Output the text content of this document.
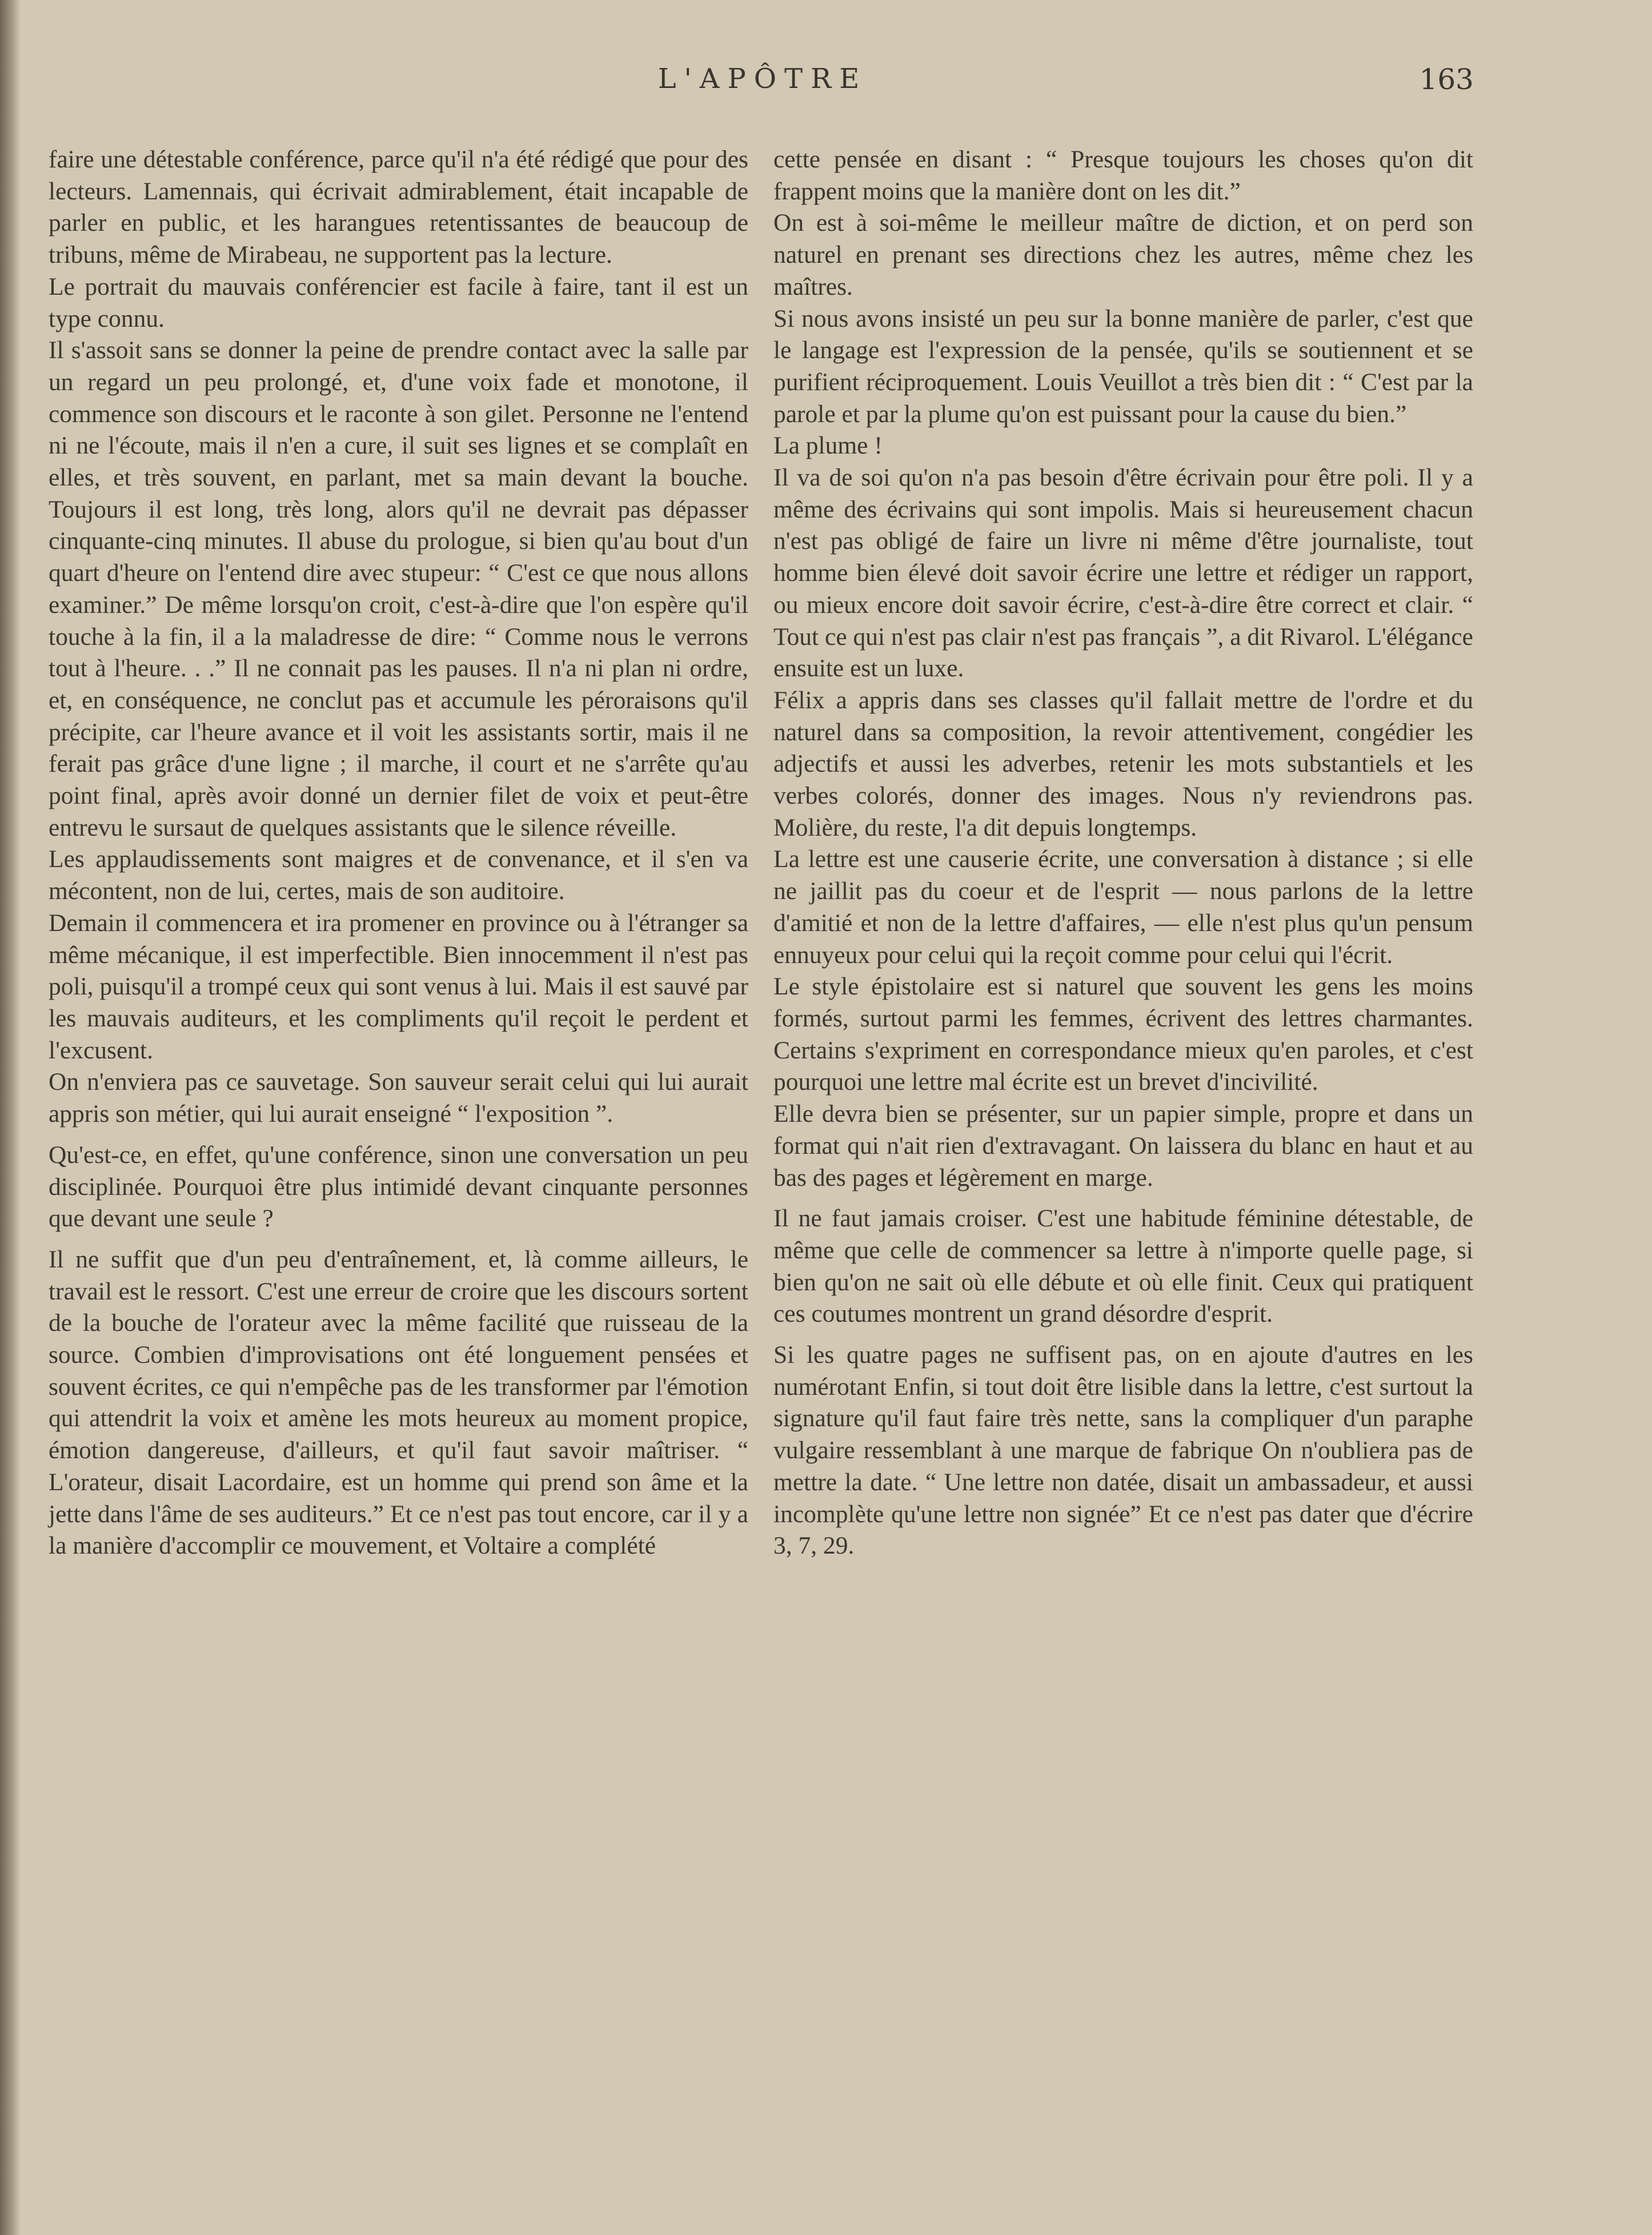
L'APÔTRE	163

faire une détestable conférence, parce qu'il n'a été rédigé que pour des lecteurs. Lamennais, qui écrivait admirablement, était incapable de parler en public, et les harangues retentissantes de beaucoup de tribuns, même de Mirabeau, ne supportent pas la lecture.

Le portrait du mauvais conférencier est facile à faire, tant il est un type connu.

Il s'assoit sans se donner la peine de prendre contact avec la salle par un regard un peu prolongé, et, d'une voix fade et monotone, il commence son discours et le raconte à son gilet. Personne ne l'entend ni ne l'écoute, mais il n'en a cure, il suit ses lignes et se complaît en elles, et très souvent, en parlant, met sa main devant la bouche. Toujours il est long, très long, alors qu'il ne devrait pas dépasser cinquante-cinq minutes. Il abuse du prologue, si bien qu'au bout d'un quart d'heure on l'entend dire avec stupeur: “ C'est ce que nous allons examiner.” De même lorsqu'on croit, c'est-à-dire que l'on espère qu'il touche à la fin, il a la maladresse de dire: “ Comme nous le verrons tout à l'heure. . .” Il ne connait pas les pauses. Il n'a ni plan ni ordre, et, en conséquence, ne conclut pas et accumule les péroraisons qu'il précipite, car l'heure avance et il voit les assistants sortir, mais il ne ferait pas grâce d'une ligne ; il marche, il court et ne s'arrête qu'au point final, après avoir donné un dernier filet de voix et peut-être entrevu le sursaut de quelques assistants que le silence réveille.

Les applaudissements sont maigres et de convenance, et il s'en va mécontent, non de lui, certes, mais de son auditoire.

Demain il commencera et ira promener en province ou à l'étranger sa même mécanique, il est imperfectible. Bien innocemment il n'est pas poli, puisqu'il a trompé ceux qui sont venus à lui. Mais il est sauvé par les mauvais auditeurs, et les compliments qu'il reçoit le perdent et l'excusent.

On n'enviera pas ce sauvetage. Son sauveur serait celui qui lui aurait appris son métier, qui lui aurait enseigné “ l'exposition ”.

Qu'est-ce, en effet, qu'une conférence, sinon une conversation un peu disciplinée. Pourquoi être plus intimidé devant cinquante personnes que devant une seule ?

Il ne suffit que d'un peu d'entraînement, et, là comme ailleurs, le travail est le ressort. C'est une erreur de croire que les discours sortent de la bouche de l'orateur avec la même facilité que ruisseau de la source. Combien d'improvisations ont été longuement pensées et souvent écrites, ce qui n'empêche pas de les transformer par l'émotion qui attendrit la voix et amène les mots heureux au moment propice, émotion dangereuse, d'ailleurs, et qu'il faut savoir maîtriser. “ L'orateur, disait Lacordaire, est un homme qui prend son âme et la jette dans l'âme de ses auditeurs.” Et ce n'est pas tout encore, car il y a la manière d'accomplir ce mouvement, et Voltaire a complété

cette pensée en disant : “ Presque toujours les choses qu'on dit frappent moins que la manière dont on les dit.”

On est à soi-même le meilleur maître de diction, et on perd son naturel en prenant ses directions chez les autres, même chez les maîtres.

Si nous avons insisté un peu sur la bonne manière de parler, c'est que le langage est l'expression de la pensée, qu'ils se soutiennent et se purifient réciproquement. Louis Veuillot a très bien dit : “ C'est par la parole et par la plume qu'on est puissant pour la cause du bien.”

La plume !

Il va de soi qu'on n'a pas besoin d'être écrivain pour être poli. Il y a même des écrivains qui sont impolis. Mais si heureusement chacun n'est pas obligé de faire un livre ni même d'être journaliste, tout homme bien élevé doit savoir écrire une lettre et rédiger un rapport, ou mieux encore doit savoir écrire, c'est-à-dire être correct et clair. “ Tout ce qui n'est pas clair n'est pas français ”, a dit Rivarol. L'élégance ensuite est un luxe.

Félix a appris dans ses classes qu'il fallait mettre de l'ordre et du naturel dans sa composition, la revoir attentivement, congédier les adjectifs et aussi les adverbes, retenir les mots substantiels et les verbes colorés, donner des images. Nous n'y reviendrons pas. Molière, du reste, l'a dit depuis longtemps.

La lettre est une causerie écrite, une conversation à distance ; si elle ne jaillit pas du coeur et de l'esprit — nous parlons de la lettre d'amitié et non de la lettre d'affaires, — elle n'est plus qu'un pensum ennuyeux pour celui qui la reçoit comme pour celui qui l'écrit.

Le style épistolaire est si naturel que souvent les gens les moins formés, surtout parmi les femmes, écrivent des lettres charmantes. Certains s'expriment en correspondance mieux qu'en paroles, et c'est pourquoi une lettre mal écrite est un brevet d'incivilité.

Elle devra bien se présenter, sur un papier simple, propre et dans un format qui n'ait rien d'extravagant. On laissera du blanc en haut et au bas des pages et légèrement en marge.

Il ne faut jamais croiser. C'est une habitude féminine détestable, de même que celle de commencer sa lettre à n'importe quelle page, si bien qu'on ne sait où elle débute et où elle finit. Ceux qui pratiquent ces coutumes montrent un grand désordre d'esprit.

Si les quatre pages ne suffisent pas, on en ajoute d'autres en les numérotant Enfin, si tout doit être lisible dans la lettre, c'est surtout la signature qu'il faut faire très nette, sans la compliquer d'un paraphe vulgaire ressemblant à une marque de fabrique On n'oubliera pas de mettre la date. “ Une lettre non datée, disait un ambassadeur, et aussi incomplète qu'une lettre non signée” Et ce n'est pas dater que d'écrire 3, 7, 29.
